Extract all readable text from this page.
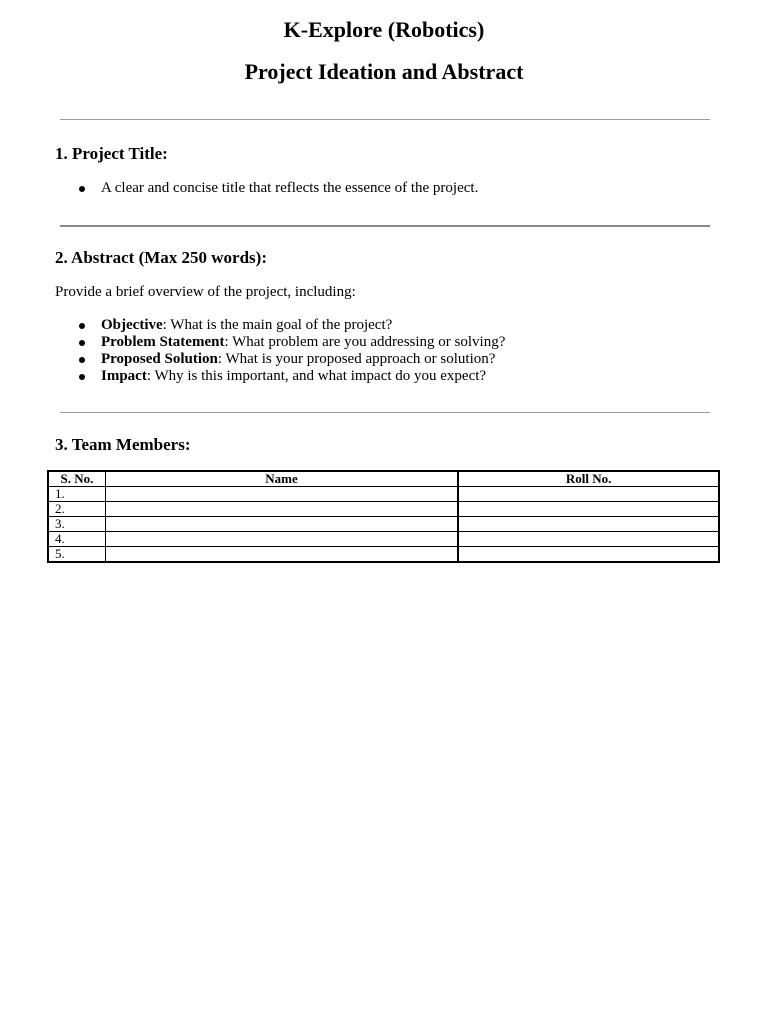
K-Explore (Robotics)
Project Ideation and Abstract
1. Project Title:
A clear and concise title that reflects the essence of the project.
2. Abstract (Max 250 words):

Provide a brief overview of the project, including:

Objective: What is the main goal of the project?
Problem Statement: What problem are you addressing or solving?
Proposed Solution: What is your proposed approach or solution?
Impact: Why is this important, and what impact do you expect?
3. Team Members:
S. No.	Name	Roll No.
1.		
2.		
3.		
4.		
5.		
